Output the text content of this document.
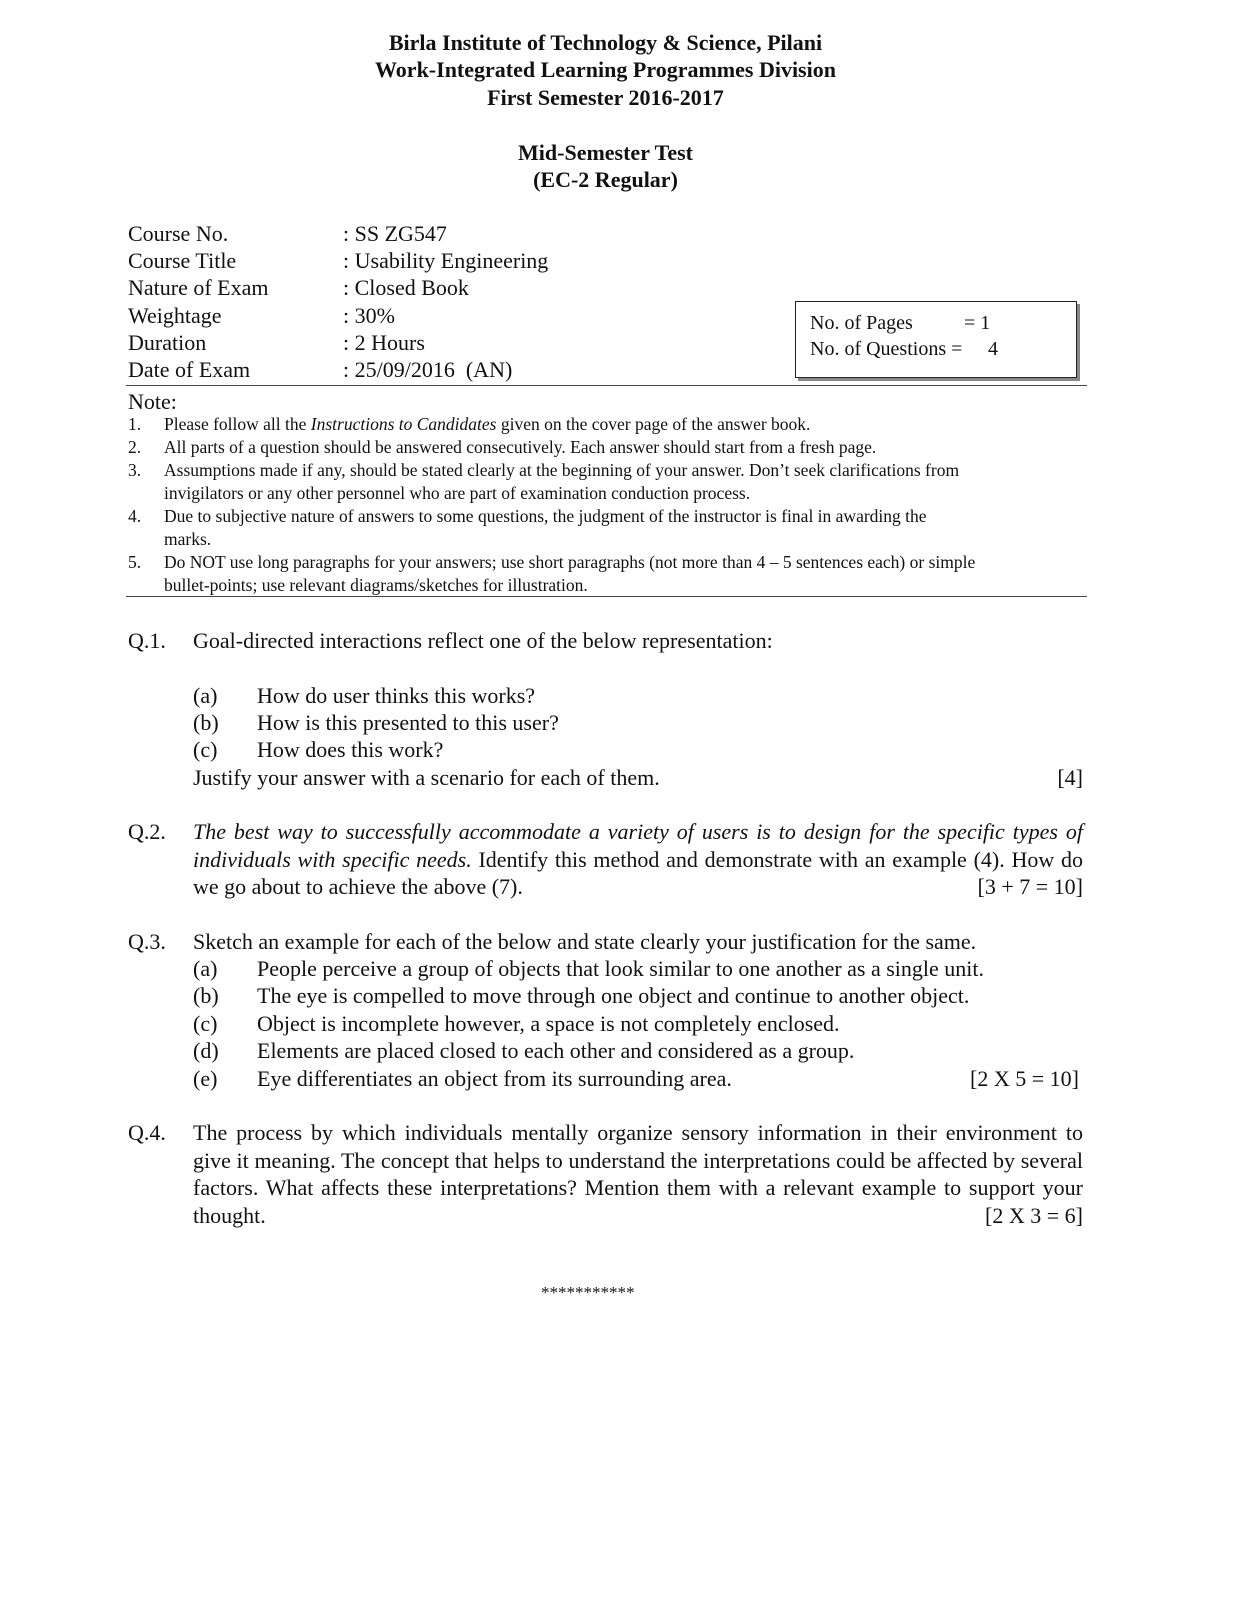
Birla Institute of Technology & Science, Pilani
Work-Integrated Learning Programmes Division
First Semester 2016-2017
Mid-Semester Test
(EC-2 Regular)
Course No.	: SS ZG547
Course Title	: Usability Engineering
Nature of Exam	: Closed Book
Weightage	: 30%
Duration	: 2 Hours
Date of Exam	: 25/09/2016  (AN)
No. of Pages	= 1
No. of Questions = 4
Note:
1. Please follow all the Instructions to Candidates given on the cover page of the answer book.
2. All parts of a question should be answered consecutively. Each answer should start from a fresh page.
3. Assumptions made if any, should be stated clearly at the beginning of your answer. Don’t seek clarifications from
invigilators or any other personnel who are part of examination conduction process.
4. Due to subjective nature of answers to some questions, the judgment of the instructor is final in awarding the
marks.
5. Do NOT use long paragraphs for your answers; use short paragraphs (not more than 4 – 5 sentences each) or simple
bullet-points; use relevant diagrams/sketches for illustration.
Q.1. Goal-directed interactions reflect one of the below representation:
(a) How do user thinks this works?
(b) How is this presented to this user?
(c) How does this work?
Justify your answer with a scenario for each of them.	[4]
Q.2. The best way to successfully accommodate a variety of users is to design for the specific types of individuals with specific needs. Identify this method and demonstrate with an example (4). How do we go about to achieve the above (7).	[3 + 7 = 10]
Q.3. Sketch an example for each of the below and state clearly your justification for the same.
(a) People perceive a group of objects that look similar to one another as a single unit.
(b) The eye is compelled to move through one object and continue to another object.
(c) Object is incomplete however, a space is not completely enclosed.
(d) Elements are placed closed to each other and considered as a group.
(e) Eye differentiates an object from its surrounding area.	[2 X 5 = 10]
Q.4. The process by which individuals mentally organize sensory information in their environment to give it meaning. The concept that helps to understand the interpretations could be affected by several factors. What affects these interpretations? Mention them with a relevant example to support your thought.	[2 X 3 = 6]
***********
